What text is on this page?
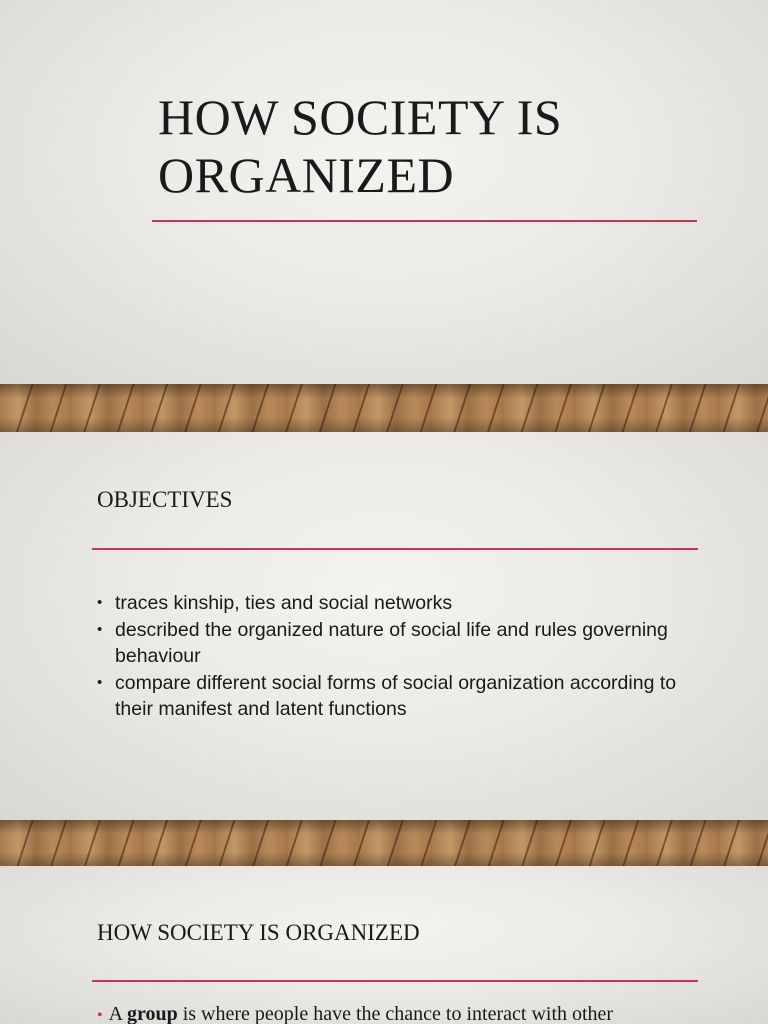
HOW SOCIETY IS ORGANIZED
OBJECTIVES
• traces kinship, ties and social networks
• described the organized nature of social life and rules governing behaviour
• compare different social forms of social organization according to their manifest and latent functions
HOW SOCIETY IS ORGANIZED

• A group is where people have the chance to interact with other
